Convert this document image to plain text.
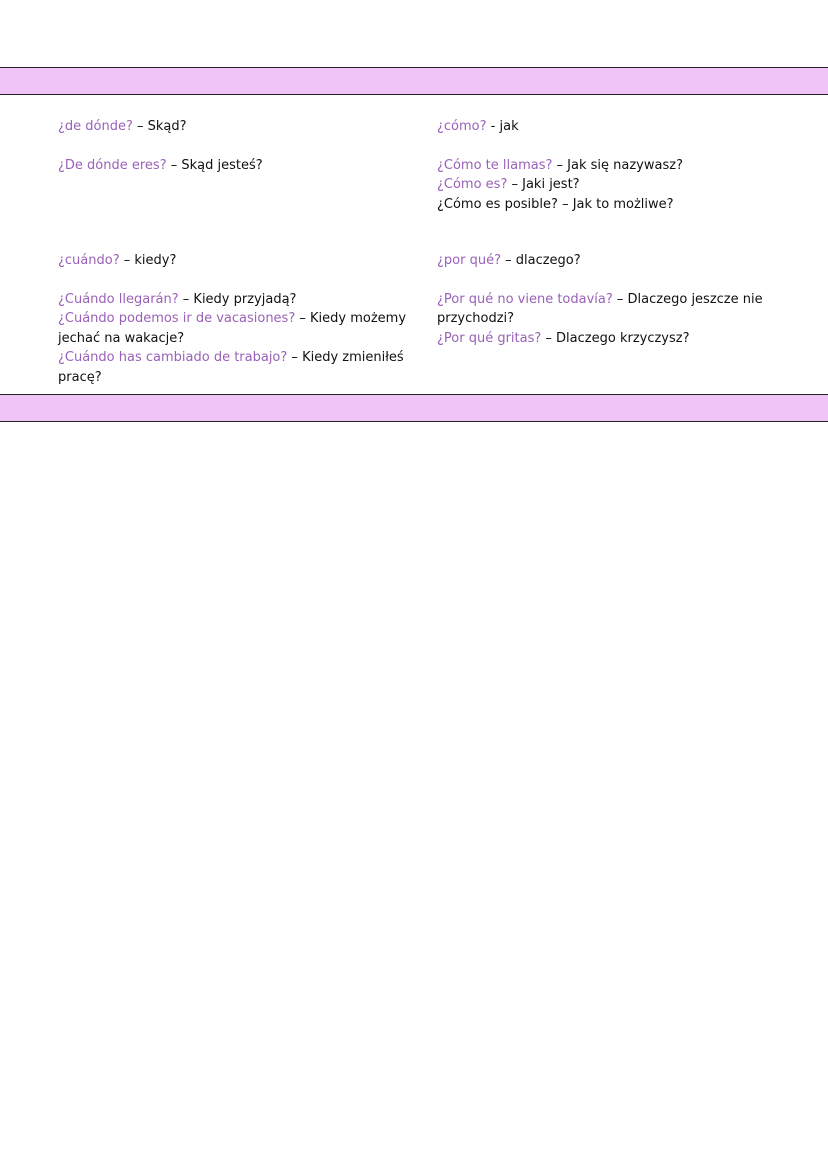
¿de dónde? – Skąd?
¿De dónde eres? – Skąd jesteś?
¿cómo? - jak
¿Cómo te llamas? – Jak się nazywasz?
¿Cómo es? – Jaki jest?
¿Cómo es posible? – Jak to możliwe?
¿cuándo? – kiedy?
¿Cuándo llegarán? – Kiedy przyjadą?
¿Cuándo podemos ir de vacasiones? – Kiedy możemy
jechać na wakacje?
¿Cuándo has cambiado de trabajo? – Kiedy zmieniłeś
pracę?
¿por qué? – dlaczego?
¿Por qué no viene todavía? – Dlaczego jeszcze nie
przychodzi?
¿Por qué gritas? – Dlaczego krzyczysz?
